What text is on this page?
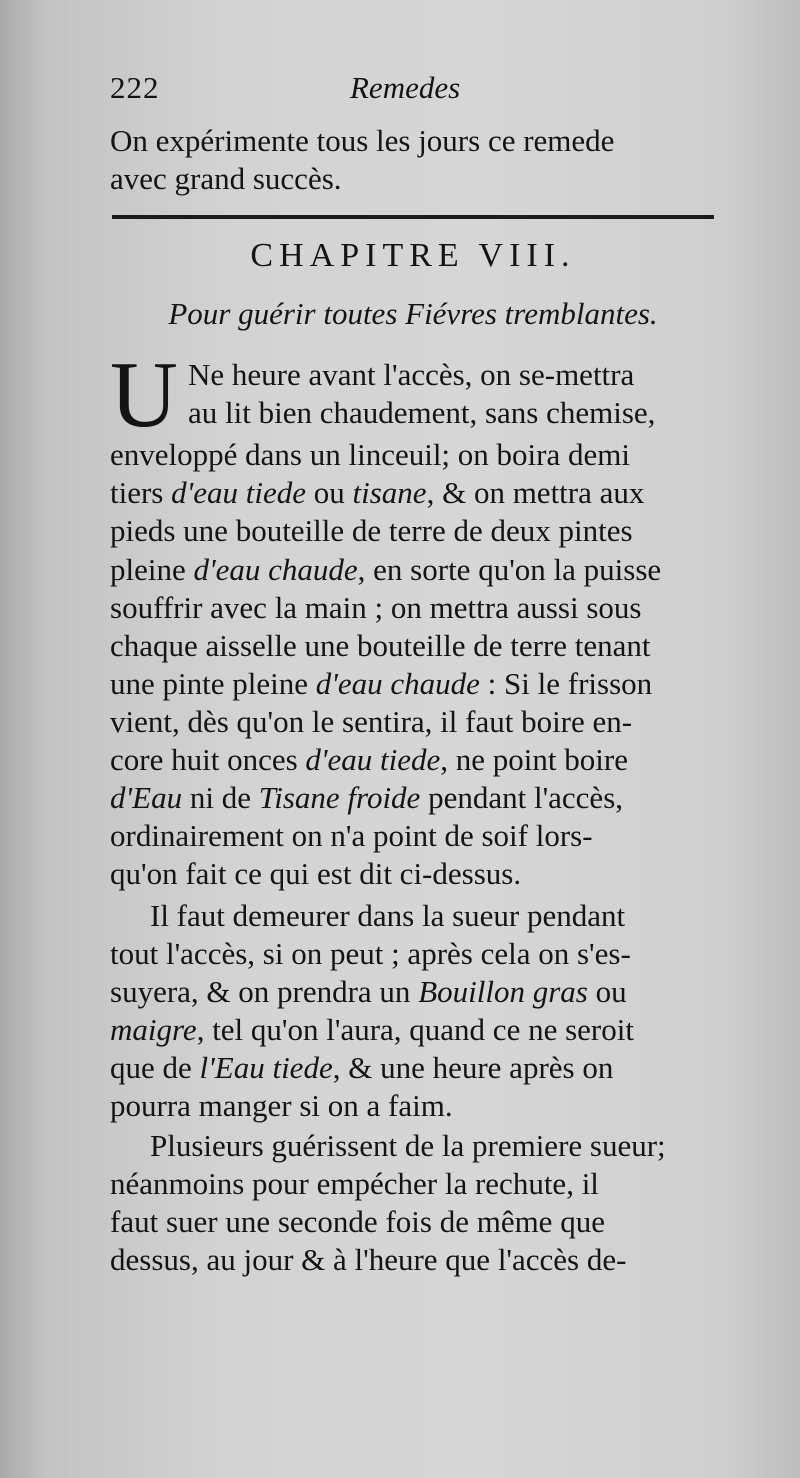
222	Remedes
On expérimente tous les jours ce remede
avec grand succès.
CHAPITRE VIII.
Pour guérir toutes Fiévres tremblantes.
U Ne heure avant l'accès, on se-mettra
au lit bien chaudement, sans chemise,
enveloppé dans un linceuil; on boira demi
tiers d'eau tiede ou tisane, & on mettra aux
pieds une bouteille de terre de deux pintes
pleine d'eau chaude, en sorte qu'on la puisse
souffrir avec la main ; on mettra aussi sous
chaque aisselle une bouteille de terre tenant
une pinte pleine d'eau chaude : Si le frisson
vient, dès qu'on le sentira, il faut boire en-
core huit onces d'eau tiede, ne point boire
d'Eau ni de Tisane froide pendant l'accès,
ordinairement on n'a point de soif lors-
qu'on fait ce qui est dit ci-dessus.
Il faut demeurer dans la sueur pendant
tout l'accès, si on peut ; après cela on s'es-
suyera, & on prendra un Bouillon gras ou
maigre, tel qu'on l'aura, quand ce ne seroit
que de l'Eau tiede, & une heure après on
pourra manger si on a faim.
Plusieurs guérissent de la premiere sueur;
néanmoins pour empécher la rechute, il
faut suer une seconde fois de même que
dessus, au jour & à l'heure que l'accès de-
